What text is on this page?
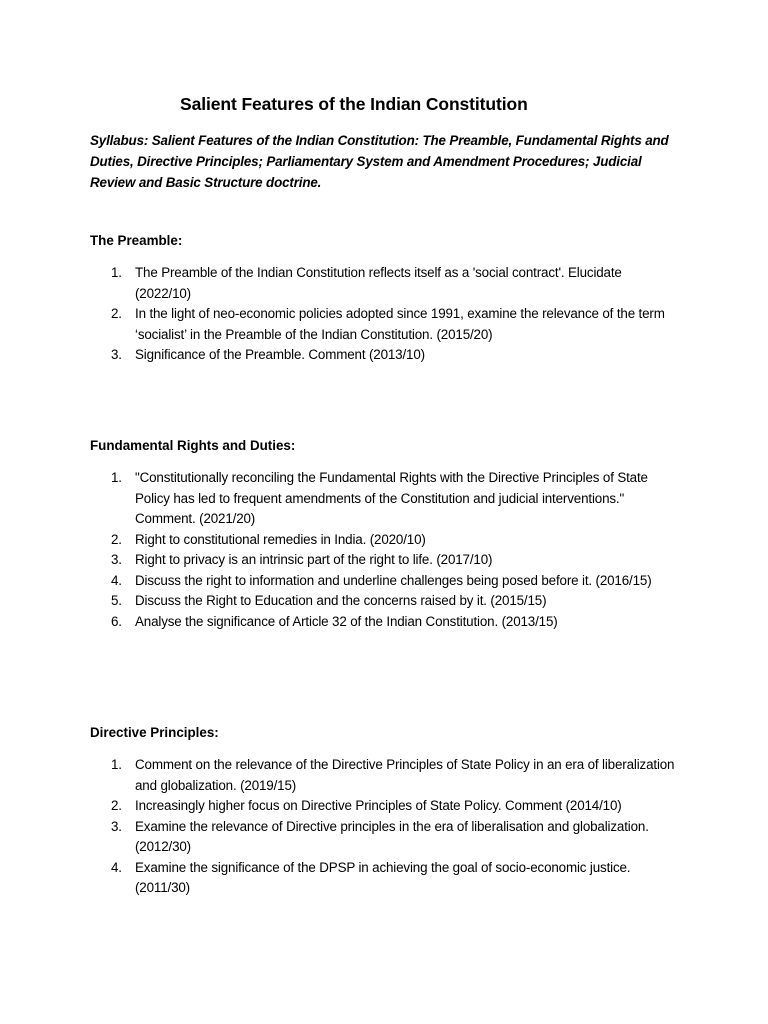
Salient Features of the Indian Constitution
Syllabus: Salient Features of the Indian Constitution: The Preamble, Fundamental Rights and Duties, Directive Principles; Parliamentary System and Amendment Procedures; Judicial Review and Basic Structure doctrine.
The Preamble:
1. The Preamble of the Indian Constitution reflects itself as a 'social contract'. Elucidate (2022/10)
2. In the light of neo-economic policies adopted since 1991, examine the relevance of the term ‘socialist’ in the Preamble of the Indian Constitution. (2015/20)
3. Significance of the Preamble. Comment (2013/10)
Fundamental Rights and Duties:
1. "Constitutionally reconciling the Fundamental Rights with the Directive Principles of State Policy has led to frequent amendments of the Constitution and judicial interventions." Comment. (2021/20)
2. Right to constitutional remedies in India. (2020/10)
3. Right to privacy is an intrinsic part of the right to life. (2017/10)
4. Discuss the right to information and underline challenges being posed before it. (2016/15)
5. Discuss the Right to Education and the concerns raised by it. (2015/15)
6. Analyse the significance of Article 32 of the Indian Constitution. (2013/15)
Directive Principles:
1. Comment on the relevance of the Directive Principles of State Policy in an era of liberalization and globalization. (2019/15)
2. Increasingly higher focus on Directive Principles of State Policy. Comment (2014/10)
3. Examine the relevance of Directive principles in the era of liberalisation and globalization. (2012/30)
4. Examine the significance of the DPSP in achieving the goal of socio-economic justice. (2011/30)
